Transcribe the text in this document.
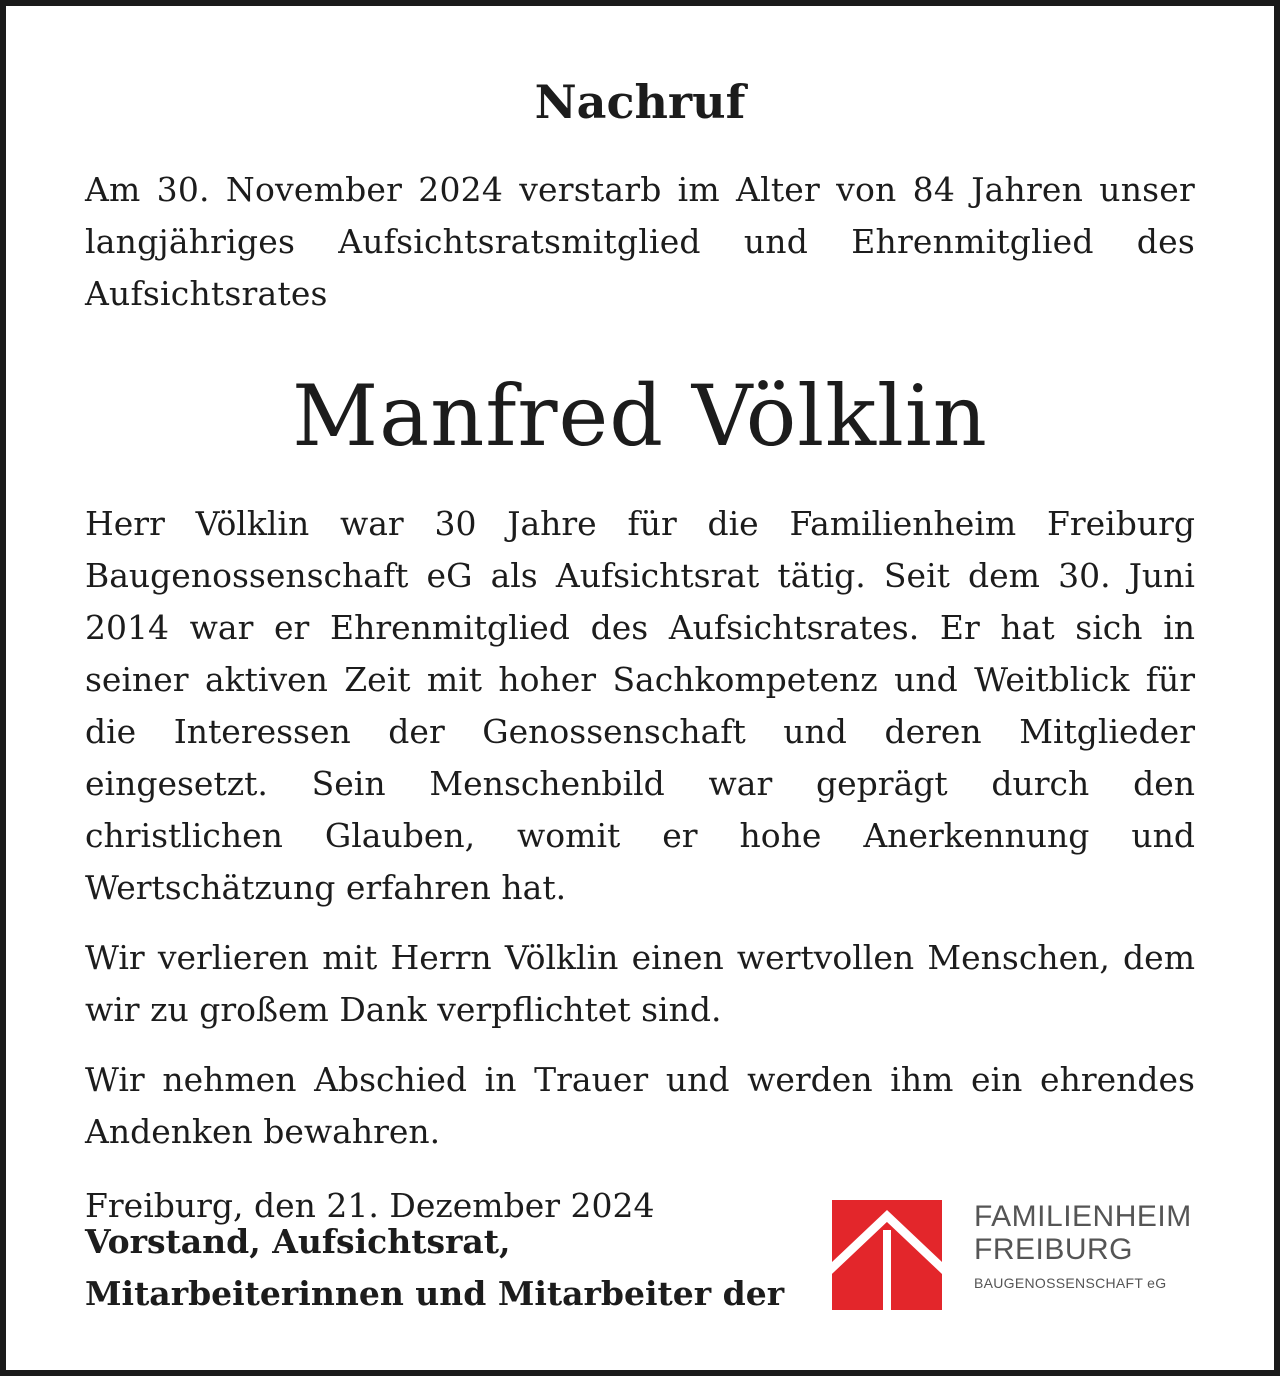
Nachruf

Am 30. November 2024 verstarb im Alter von 84 Jahren unser langjähriges Aufsichtsratsmitglied und Ehrenmitglied des Aufsichtsrates

Manfred Völklin

Herr Völklin war 30 Jahre für die Familienheim Freiburg Baugenossenschaft eG als Aufsichtsrat tätig. Seit dem 30. Juni 2014 war er Ehrenmitglied des Aufsichtsrates. Er hat sich in seiner aktiven Zeit mit hoher Sachkompetenz und Weitblick für die Interessen der Genossenschaft und deren Mitglieder eingesetzt. Sein Menschenbild war geprägt durch den christlichen Glauben, womit er hohe Anerkennung und Wertschätzung erfahren hat.

Wir verlieren mit Herrn Völklin einen wertvollen Menschen, dem wir zu großem Dank verpflichtet sind.

Wir nehmen Abschied in Trauer und werden ihm ein ehrendes Andenken bewahren.

Freiburg, den 21. Dezember 2024
Vorstand, Aufsichtsrat,
Mitarbeiterinnen und Mitarbeiter der
FAMILIENHEIM
FREIBURG
BAUGENOSSENSCHAFT eG
